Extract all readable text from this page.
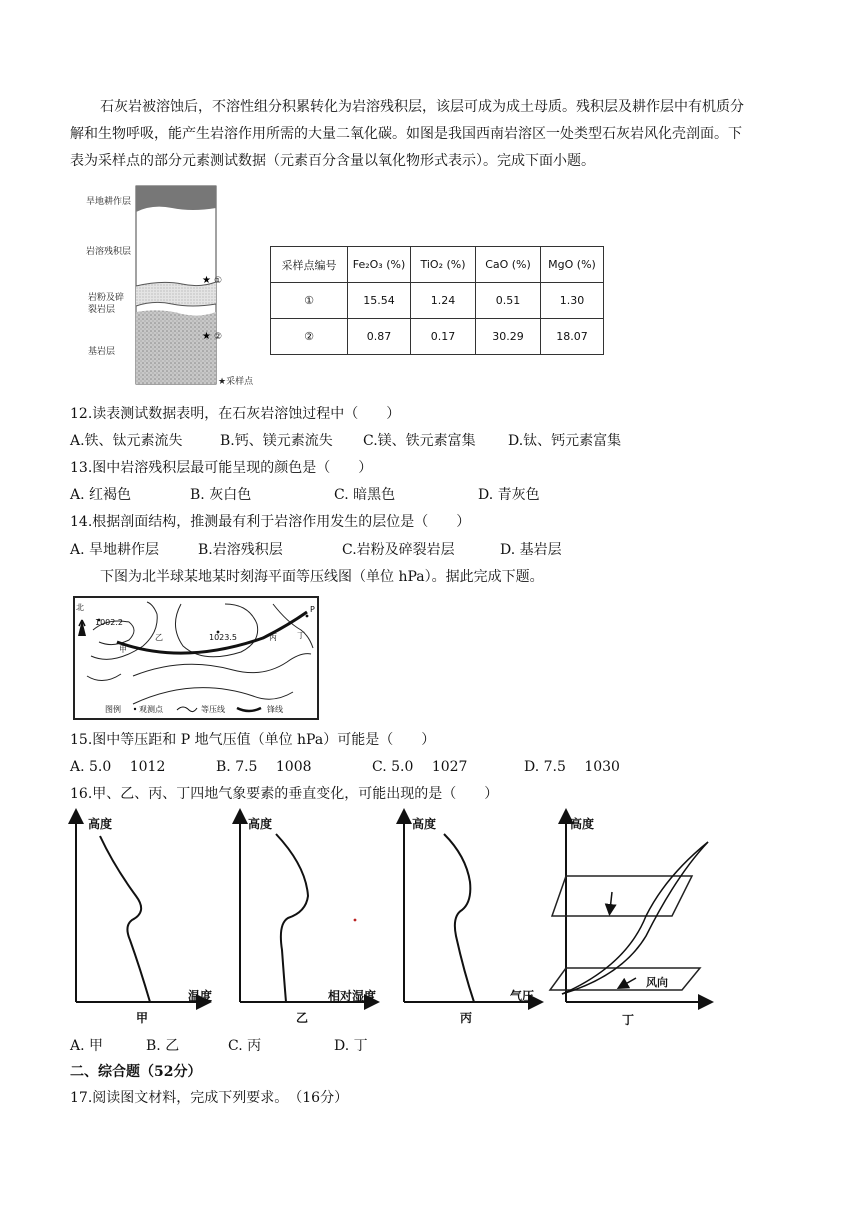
石灰岩被溶蚀后，不溶性组分积累转化为岩溶残积层，该层可成为成土母质。残积层及耕作层中有机质分
解和生物呼吸，能产生岩溶作用所需的大量二氧化碳。如图是我国西南岩溶区一处类型石灰岩风化壳剖面。下
表为采样点的部分元素测试数据（元素百分含量以氧化物形式表示）。完成下面小题。
旱地耕作层
岩溶残积层
岩粉及碎
裂岩层
基岩层
★ ①
★ ②
★采样点
采样点编号	Fe₂O₃ (%)	TiO₂ (%)	CaO (%)	MgO (%)
①	15.54	1.24	0.51	1.30
②	0.87	0.17	30.29	18.07
12.读表测试数据表明，在石灰岩溶蚀过程中（　　）
A.铁、钛元素流失	B.钙、镁元素流失 C.镁、铁元素富集 D.钛、钙元素富集
13.图中岩溶残积层最可能呈现的颜色是（　　）
A. 红褐色	B. 灰白色	C. 暗黑色	D. 青灰色
14.根据剖面结构，推测最有利于岩溶作用发生的层位是（　　）
A. 旱地耕作层	B.岩溶残积层	C.岩粉及碎裂岩层	D. 基岩层
下图为北半球某地某时刻海平面等压线图（单位 hPa）。据此完成下题。
北
1002.2
1023.5
甲
乙	丙	丁
P
图例 观测点	等压线	锋线
15.图中等压距和 P 地气压值（单位 hPa）可能是（　　）
A. 5.0　 1012	B. 7.5　 1008	C. 5.0　 1027	D. 7.5　 1030
16.甲、乙、丙、丁四地气象要素的垂直变化，可能出现的是（　　）
高度
温度
甲
高度
相对湿度
乙
高度
气压
丙
高度
风向
丁
A. 甲	B. 乙	C. 丙	D. 丁
二、综合题（52分）
17.阅读图文材料，完成下列要求。　（16分）
